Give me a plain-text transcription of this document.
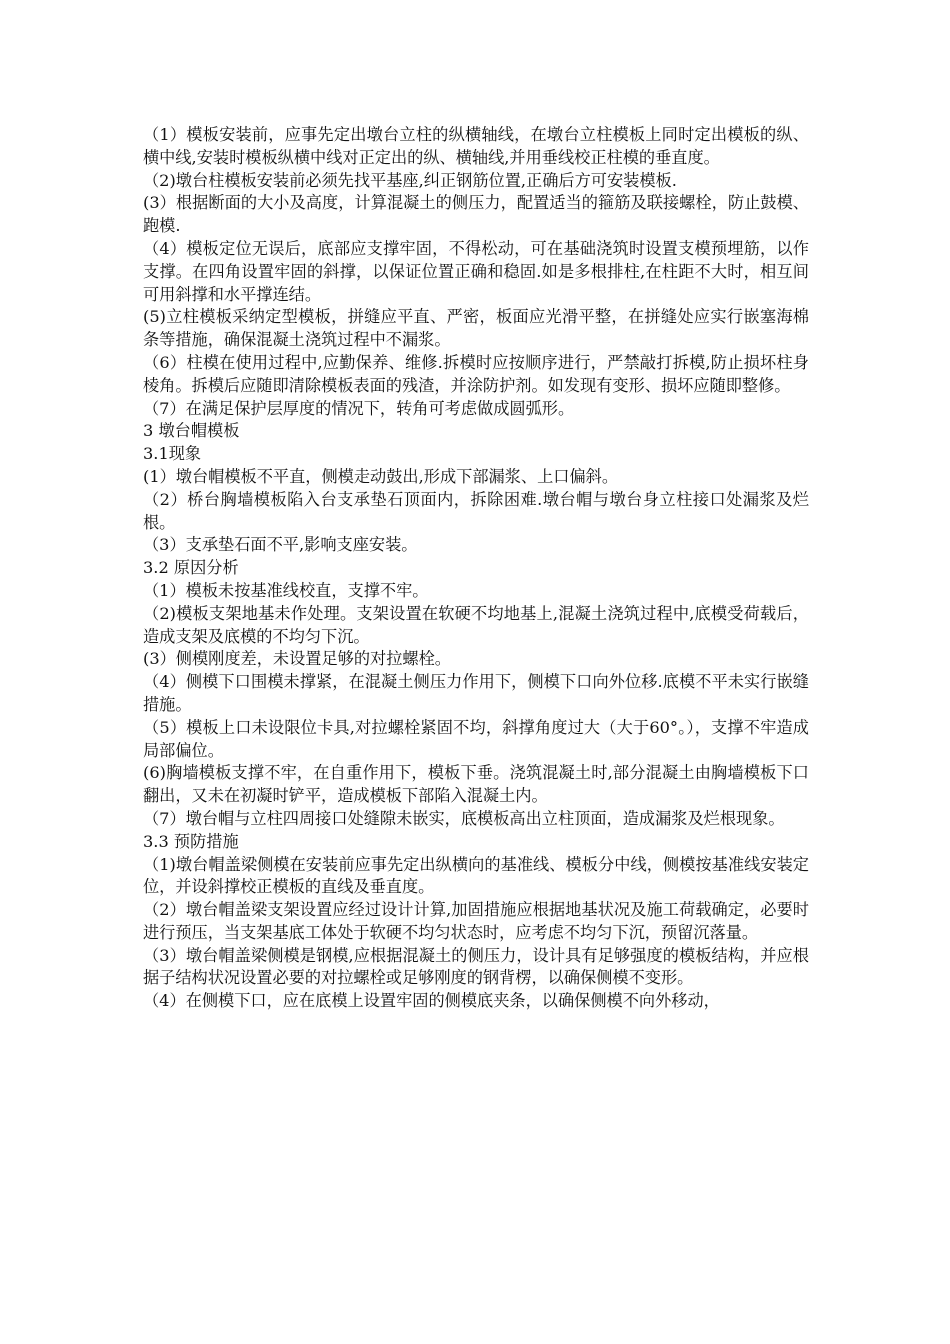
（1）模板安装前，应事先定出墩台立柱的纵横轴线，在墩台立柱模板上同时定出模板的纵、横中线,安装时模板纵横中线对正定出的纵、横轴线,并用垂线校正柱模的垂直度。

（2)墩台柱模板安装前必须先找平基座,纠正钢筋位置,正确后方可安装模板.

(3）根据断面的大小及高度，计算混凝土的侧压力，配置适当的箍筋及联接螺栓，防止鼓模、跑模.

（4）模板定位无误后，底部应支撑牢固，不得松动，可在基础浇筑时设置支模预埋筋，以作支撑。在四角设置牢固的斜撑，以保证位置正确和稳固.如是多根排柱,在柱距不大时，相互间可用斜撑和水平撑连结。

(5)立柱模板采纳定型模板，拼缝应平直、严密，板面应光滑平整，在拼缝处应实行嵌塞海棉条等措施，确保混凝土浇筑过程中不漏浆。

（6）柱模在使用过程中,应勤保养、维修.拆模时应按顺序进行，严禁敲打拆模,防止损坏柱身棱角。拆模后应随即清除模板表面的残渣，并涂防护剂。如发现有变形、损坏应随即整修。

（7）在满足保护层厚度的情况下，转角可考虑做成圆弧形。

3 墩台帽模板

3.1现象

(1）墩台帽模板不平直，侧模走动鼓出,形成下部漏浆、上口偏斜。

（2）桥台胸墙模板陷入台支承垫石顶面内，拆除困难.墩台帽与墩台身立柱接口处漏浆及烂根。

（3）支承垫石面不平,影响支座安装。

3.2 原因分析

（1）模板未按基准线校直，支撑不牢。

（2)模板支架地基未作处理。支架设置在软硬不均地基上,混凝土浇筑过程中,底模受荷载后，造成支架及底模的不均匀下沉。

(3）侧模刚度差，未设置足够的对拉螺栓。

（4）侧模下口围模未撑紧，在混凝土侧压力作用下，侧模下口向外位移.底模不平未实行嵌缝措施。

（5）模板上口未设限位卡具,对拉螺栓紧固不均，斜撑角度过大（大于60°。），支撑不牢造成局部偏位。

(6)胸墙模板支撑不牢，在自重作用下，模板下垂。浇筑混凝土时,部分混凝土由胸墙模板下口翻出，又未在初凝时铲平，造成模板下部陷入混凝土内。

（7）墩台帽与立柱四周接口处缝隙未嵌实，底模板高出立柱顶面，造成漏浆及烂根现象。

3.3 预防措施

（1)墩台帽盖梁侧模在安装前应事先定出纵横向的基准线、模板分中线，侧模按基准线安装定位，并设斜撑校正模板的直线及垂直度。

（2）墩台帽盖梁支架设置应经过设计计算,加固措施应根据地基状况及施工荷载确定，必要时进行预压，当支架基底工体处于软硬不均匀状态时，应考虑不均匀下沉，预留沉落量。

（3）墩台帽盖梁侧模是钢模,应根据混凝土的侧压力，设计具有足够强度的模板结构，并应根据子结构状况设置必要的对拉螺栓或足够刚度的钢背楞，以确保侧模不变形。

（4）在侧模下口，应在底模上设置牢固的侧模底夹条，以确保侧模不向外移动，
